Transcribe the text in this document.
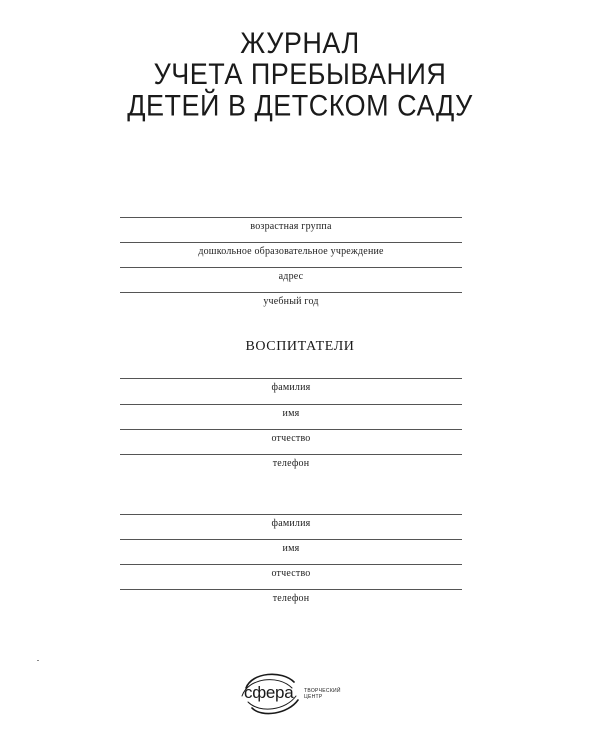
ЖУРНАЛ
УЧЕТА ПРЕБЫВАНИЯ
ДЕТЕЙ В ДЕТСКОМ САДУ
возрастная группа
дошкольное образовательное учреждение
адрес
учебный год
ВОСПИТАТЕЛИ
фамилия
имя
отчество
телефон
фамилия
имя
отчество
телефон
сфера ТВОРЧЕСКИЙ
ЦЕНТР
